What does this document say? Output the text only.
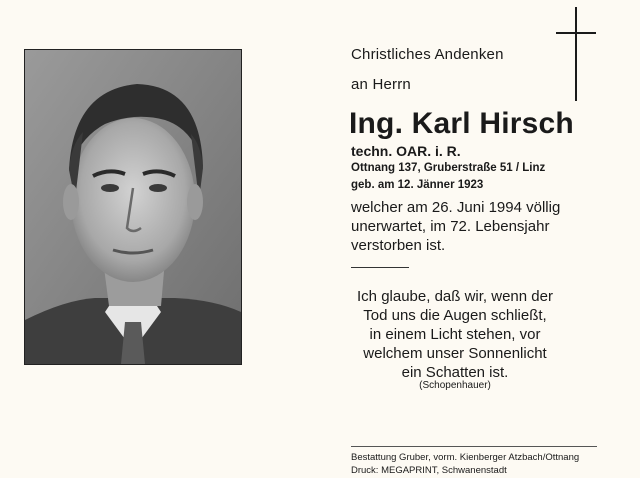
Christliches Andenken
an Herrn
Ing. Karl Hirsch
techn. OAR. i. R.
Ottnang 137, Gruberstraße 51 / Linz
geb. am 12. Jänner 1923
welcher am 26. Juni 1994 völlig
unerwartet, im 72. Lebensjahr
verstorben ist.
Ich glaube, daß wir, wenn der
Tod uns die Augen schließt,
in einem Licht stehen, vor
welchem unser Sonnenlicht
ein Schatten ist.
(Schopenhauer)
Bestattung Gruber, vorm. Kienberger Atzbach/Ottnang
Druck: MEGAPRINT, Schwanenstadt
